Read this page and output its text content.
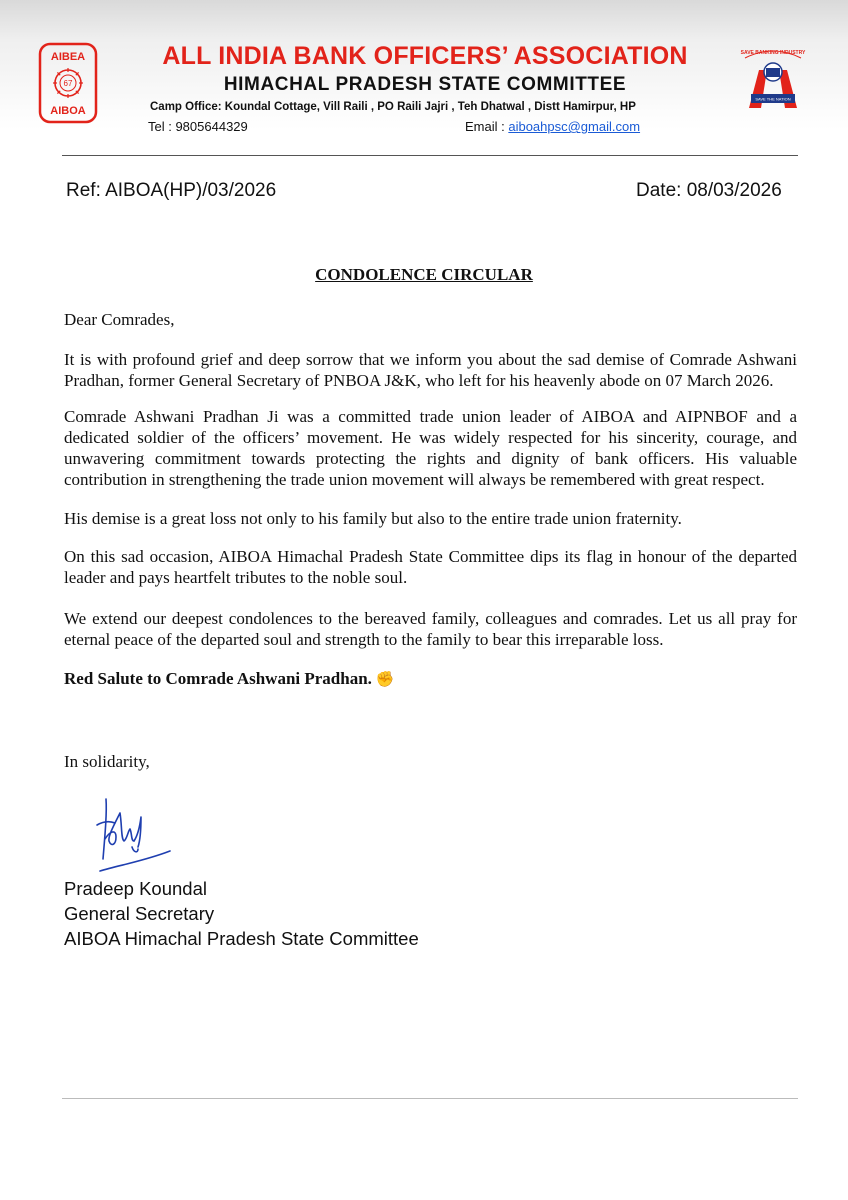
AIBEA
67
AIBOA
SAVE BANKING INDUSTRY
SAVE THE NATION
ALL INDIA BANK OFFICERS’ ASSOCIATION
HIMACHAL PRADESH STATE COMMITTEE
Camp Office: Koundal Cottage, Vill Raili , PO Raili Jajri , Teh Dhatwal , Distt Hamirpur, HP
Tel : 9805644329	Email : aiboahpsc@gmail.com
Ref: AIBOA(HP)/03/2026	Date: 08/03/2026
CONDOLENCE CIRCULAR
Dear Comrades,
It is with profound grief and deep sorrow that we inform you about the sad demise of Comrade Ashwani Pradhan, former General Secretary of PNBOA J&K, who left for his heavenly abode on 07 March 2026.
Comrade Ashwani Pradhan Ji was a committed trade union leader of AIBOA and AIPNBOF and a dedicated soldier of the officers’ movement. He was widely respected for his sincerity, courage, and unwavering commitment towards protecting the rights and dignity of bank officers. His valuable contribution in strengthening the trade union movement will always be remembered with great respect.
His demise is a great loss not only to his family but also to the entire trade union fraternity.
On this sad occasion, AIBOA Himachal Pradesh State Committee dips its flag in honour of the departed leader and pays heartfelt tributes to the noble soul.
We extend our deepest condolences to the bereaved family, colleagues and comrades. Let us all pray for eternal peace of the departed soul and strength to the family to bear this irreparable loss.
Red Salute to Comrade Ashwani Pradhan. ✊
In solidarity,
Pradeep Koundal
General Secretary
AIBOA Himachal Pradesh State Committee
